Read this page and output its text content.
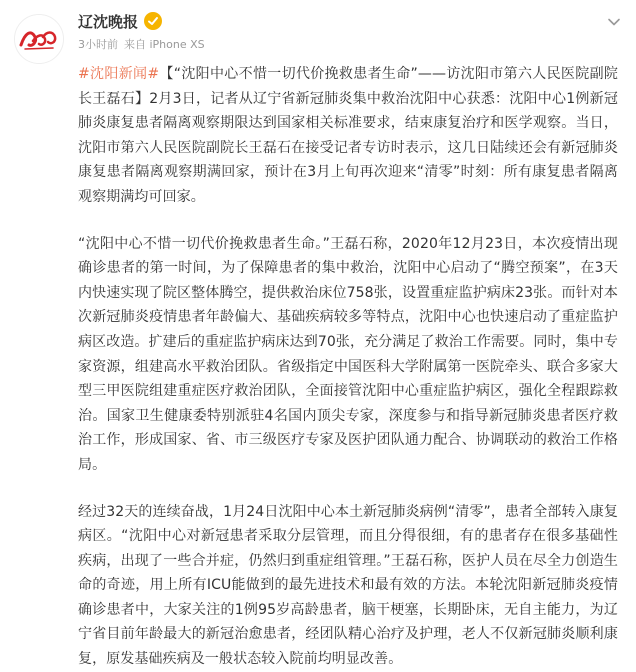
辽沈晚报
3小时前 来自 iPhone XS

#沈阳新闻#【“沈阳中心不惜一切代价挽救患者生命”——访沈阳市第六人民医院副院长王磊石】2月3日，记者从辽宁省新冠肺炎集中救治沈阳中心获悉：沈阳中心1例新冠肺炎康复患者隔离观察期限达到国家相关标准要求，结束康复治疗和医学观察。当日，沈阳市第六人民医院副院长王磊石在接受记者专访时表示，这几日陆续还会有新冠肺炎康复患者隔离观察期满回家，预计在3月上旬再次迎来“清零”时刻：所有康复患者隔离观察期满均可回家。

“沈阳中心不惜一切代价挽救患者生命。”王磊石称，2020年12月23日，本次疫情出现确诊患者的第一时间，为了保障患者的集中救治，沈阳中心启动了“腾空预案”，在3天内快速实现了院区整体腾空，提供救治床位758张，设置重症监护病床23张。而针对本次新冠肺炎疫情患者年龄偏大、基础疾病较多等特点，沈阳中心也快速启动了重症监护病区改造。扩建后的重症监护病床达到70张，充分满足了救治工作需要。同时，集中专家资源，组建高水平救治团队。省级指定中国医科大学附属第一医院牵头、联合多家大型三甲医院组建重症医疗救治团队，全面接管沈阳中心重症监护病区，强化全程跟踪救治。国家卫生健康委特别派驻4名国内顶尖专家，深度参与和指导新冠肺炎患者医疗救治工作，形成国家、省、市三级医疗专家及医护团队通力配合、协调联动的救治工作格局。

经过32天的连续奋战，1月24日沈阳中心本土新冠肺炎病例“清零”，患者全部转入康复病区。“沈阳中心对新冠患者采取分层管理，而且分得很细，有的患者存在很多基础性疾病，出现了一些合并症，仍然归到重症组管理。”王磊石称，医护人员在尽全力创造生命的奇迹，用上所有ICU能做到的最先进技术和最有效的方法。本轮沈阳新冠肺炎疫情确诊患者中，大家关注的1例95岁高龄患者，脑干梗塞，长期卧床，无自主能力，为辽宁省目前年龄最大的新冠治愈患者，经团队精心治疗及护理，老人不仅新冠肺炎顺利康复，原发基础疾病及一般状态较入院前均明显改善。
